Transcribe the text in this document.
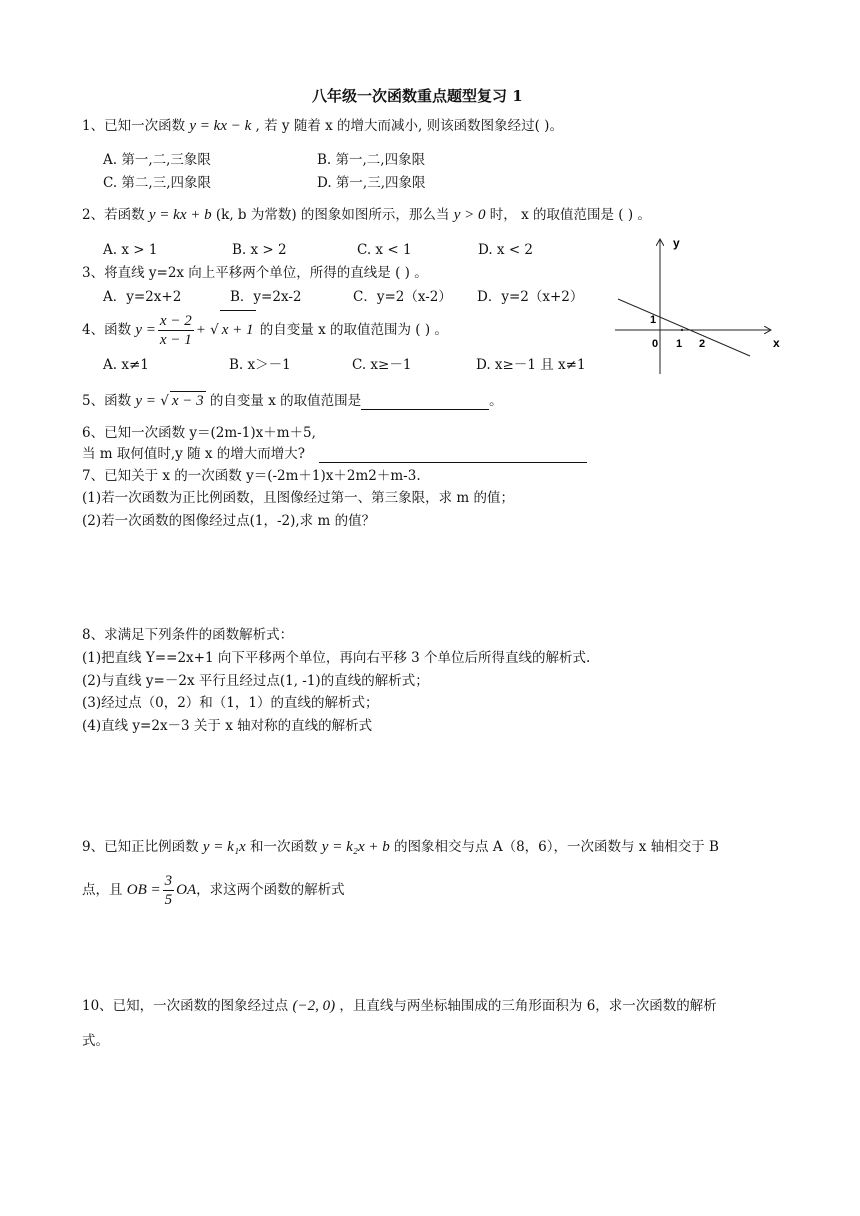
八年级一次函数重点题型复习 1
1、已知一次函数 y = kx − k , 若 y 随着 x 的增大而减小, 则该函数图象经过( )。
A. 第一,二,三象限	B. 第一,二,四象限
C. 第二,三,四象限	D. 第一,三,四象限
2、若函数 y = kx + b (k, b 为常数) 的图象如图所示，那么当 y > 0 时， x 的取值范围是 ( ) 。
A. x > 1	B. x > 2	C. x < 1	D. x < 2
3、将直线 y=2x 向上平移两个单位，所得的直线是 ( ) 。
A．y=2x+2	B．y=2x-2	C．y=2（x-2） D．y=2（x+2）
4、函数 $y = \frac{x - 2}{x - 1}$ + √ x + 1 的自变量 x 的取值范围为 ( ) 。
A. x≠1	B. x＞－1	C. x≥－1	D. x≥－1 且 x≠1
y
x
0 1 2
1
5、函数 y = √ x − 3 的自变量 x 的取值范围是	。
6、已知一次函数 y＝(2m-1)x＋m＋5,
当 m 取何值时,y 随 x 的增大而增大?
7、已知关于 x 的一次函数 y＝(-2m＋1)x＋2m2＋m-3.
(1)若一次函数为正比例函数，且图像经过第一、第三象限，求 m 的值；
(2)若一次函数的图像经过点(1，-2),求 m 的值？
8、求满足下列条件的函数解析式：
(1)把直线 Y==2x+1 向下平移两个单位，再向右平移 3 个单位后所得直线的解析式.
(2)与直线 y=－2x 平行且经过点(1, -1)的直线的解析式；
(3)经过点（0，2）和（1，1）的直线的解析式；
(4)直线 y=2x－3 关于 x 轴对称的直线的解析式
9、已知正比例函数 y = k₁x 和一次函数 y = k₂x + b 的图象相交与点 A（8，6），一次函数与 x 轴相交于 B
点，且 OB = $\frac{3}{5}$ OA，求这两个函数的解析式
10、已知，一次函数的图象经过点 (−2, 0) ，且直线与两坐标轴围成的三角形面积为 6，求一次函数的解析
式。
